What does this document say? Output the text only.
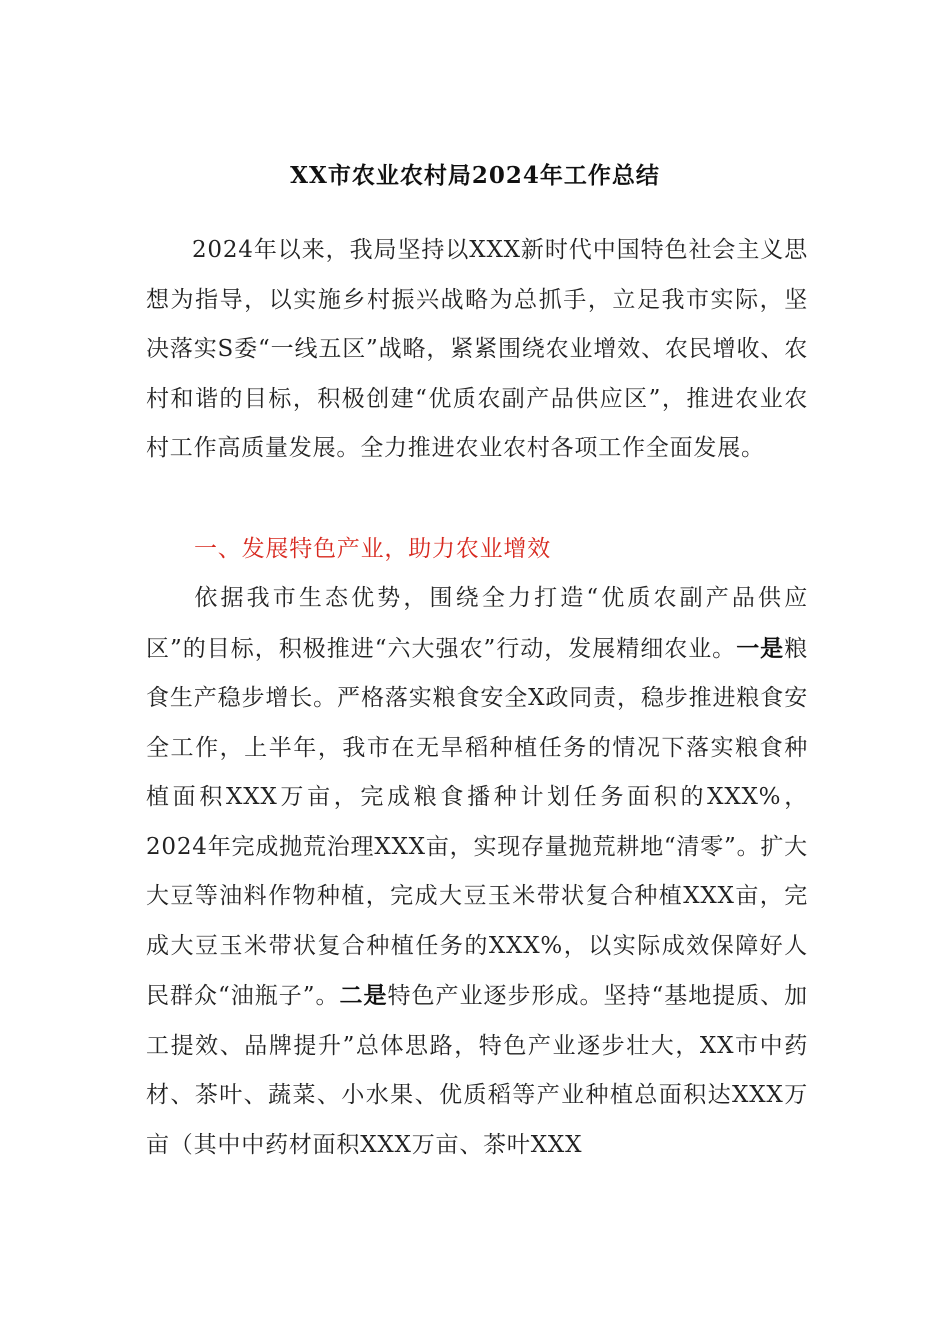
XX市农业农村局2024年工作总结
2024年以来，我局坚持以XXX新时代中国特色社会主义思想为指导，以实施乡村振兴战略为总抓手，立足我市实际，坚决落实S委“一线五区”战略，紧紧围绕农业增效、农民增收、农村和谐的目标，积极创建“优质农副产品供应区”，推进农业农村工作高质量发展。全力推进农业农村各项工作全面发展。
一、发展特色产业，助力农业增效
依据我市生态优势，围绕全力打造“优质农副产品供应区”的目标，积极推进“六大强农”行动，发展精细农业。一是粮食生产稳步增长。严格落实粮食安全X政同责，稳步推进粮食安全工作，上半年，我市在无旱稻种植任务的情况下落实粮食种植面积XXX万亩，完成粮食播种计划任务面积的XXX%，2024年完成抛荒治理XXX亩，实现存量抛荒耕地“清零”。扩大大豆等油料作物种植，完成大豆玉米带状复合种植XXX亩，完成大豆玉米带状复合种植任务的XXX%，以实际成效保障好人民群众“油瓶子”。二是特色产业逐步形成。坚持“基地提质、加工提效、品牌提升”总体思路，特色产业逐步壮大，XX市中药材、茶叶、蔬菜、小水果、优质稻等产业种植总面积达XXX万亩（其中中药材面积XXX万亩、茶叶XXX
